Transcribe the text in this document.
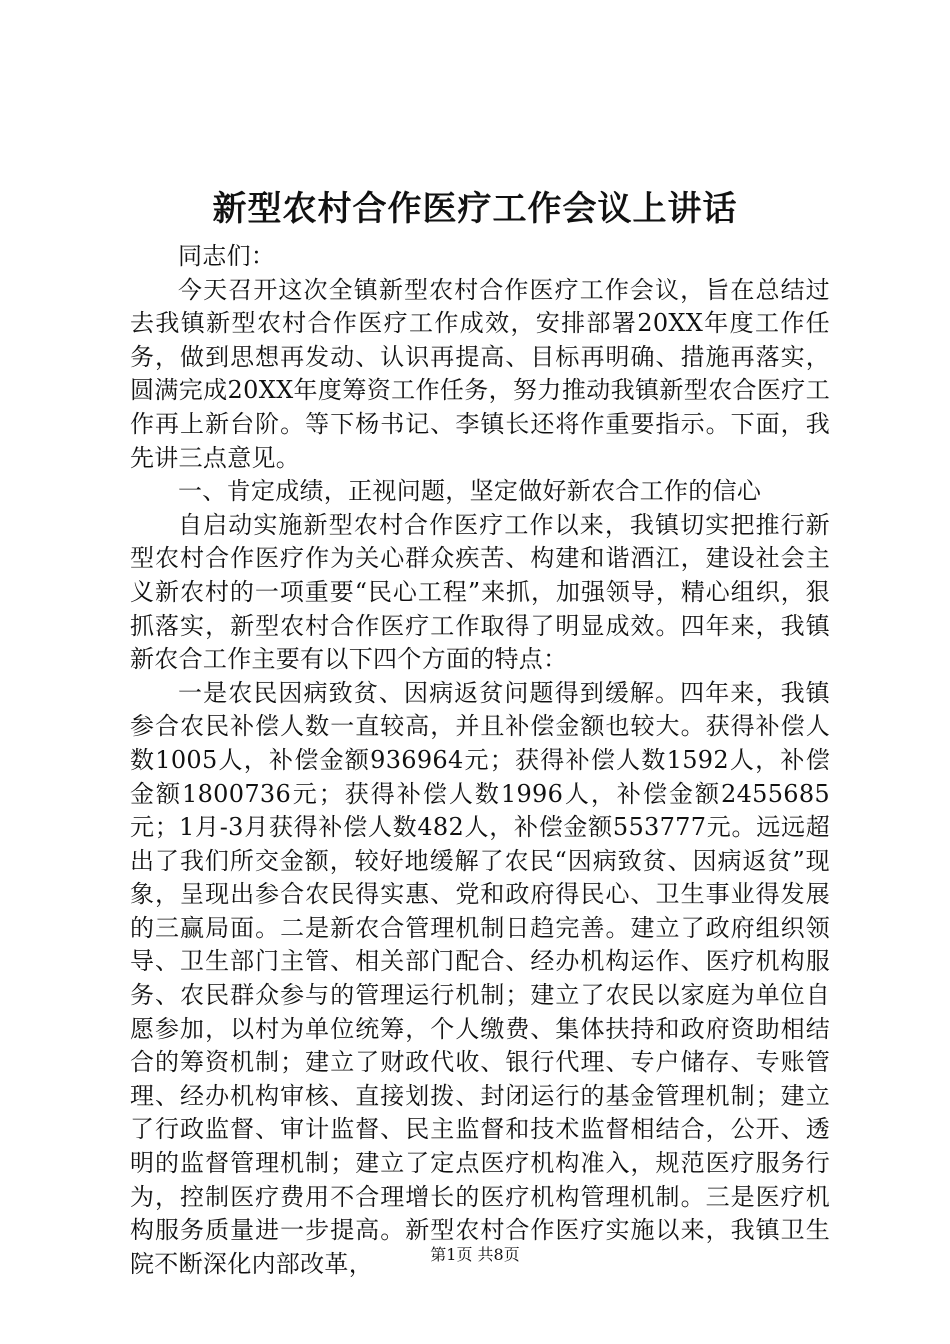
新型农村合作医疗工作会议上讲话

同志们：

今天召开这次全镇新型农村合作医疗工作会议，旨在总结过去我镇新型农村合作医疗工作成效，安排部署20XX年度工作任务，做到思想再发动、认识再提高、目标再明确、措施再落实，圆满完成20XX年度筹资工作任务，努力推动我镇新型农合医疗工作再上新台阶。等下杨书记、李镇长还将作重要指示。下面，我先讲三点意见。

一、肯定成绩，正视问题，坚定做好新农合工作的信心

自启动实施新型农村合作医疗工作以来，我镇切实把推行新型农村合作医疗作为关心群众疾苦、构建和谐酒江，建设社会主义新农村的一项重要“民心工程”来抓，加强领导，精心组织，狠抓落实，新型农村合作医疗工作取得了明显成效。四年来，我镇新农合工作主要有以下四个方面的特点：

一是农民因病致贫、因病返贫问题得到缓解。四年来，我镇参合农民补偿人数一直较高，并且补偿金额也较大。获得补偿人数1005人，补偿金额936964元；获得补偿人数1592人，补偿金额1800736元；获得补偿人数1996人，补偿金额2455685元；1月-3月获得补偿人数482人，补偿金额553777元。远远超出了我们所交金额，较好地缓解了农民“因病致贫、因病返贫”现象，呈现出参合农民得实惠、党和政府得民心、卫生事业得发展的三赢局面。二是新农合管理机制日趋完善。建立了政府组织领导、卫生部门主管、相关部门配合、经办机构运作、医疗机构服务、农民群众参与的管理运行机制；建立了农民以家庭为单位自愿参加，以村为单位统筹，个人缴费、集体扶持和政府资助相结合的筹资机制；建立了财政代收、银行代理、专户储存、专账管理、经办机构审核、直接划拨、封闭运行的基金管理机制；建立了行政监督、审计监督、民主监督和技术监督相结合，公开、透明的监督管理机制；建立了定点医疗机构准入，规范医疗服务行为，控制医疗费用不合理增长的医疗机构管理机制。三是医疗机构服务质量进一步提高。新型农村合作医疗实施以来，我镇卫生院不断深化内部改革，	第1页 共8页
